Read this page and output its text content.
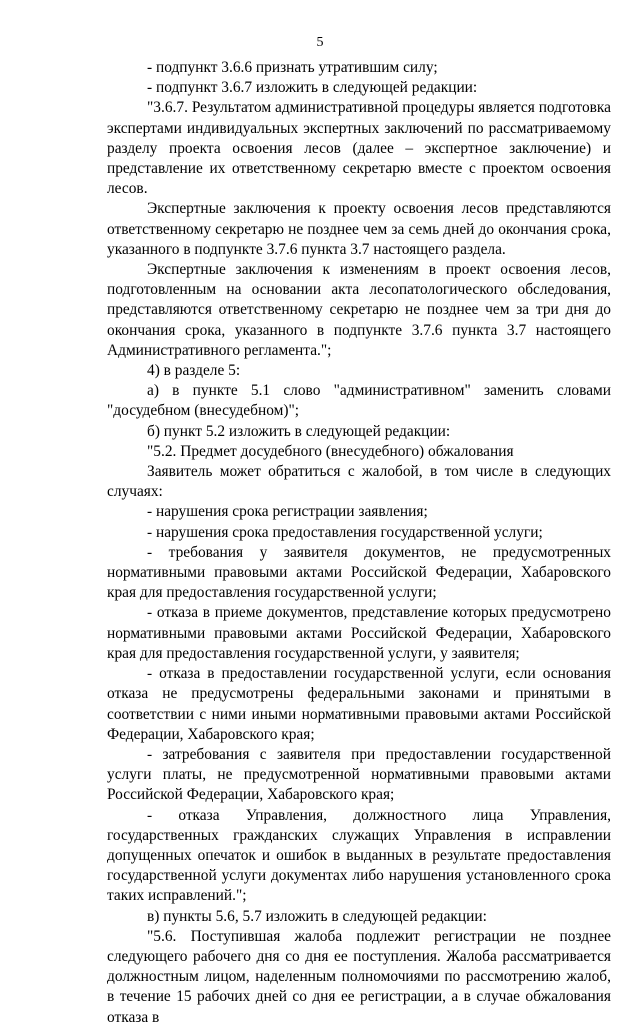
5

- подпункт 3.6.6 признать утратившим силу;

- подпункт 3.6.7 изложить в следующей редакции:

"3.6.7. Результатом административной процедуры является подготовка экспертами индивидуальных экспертных заключений по рассматриваемому разделу проекта освоения лесов (далее – экспертное заключение) и представление их ответственному секретарю вместе с проектом освоения лесов.

Экспертные заключения к проекту освоения лесов представляются ответственному секретарю не позднее чем за семь дней до окончания срока, указанного в подпункте 3.7.6 пункта 3.7 настоящего раздела.

Экспертные заключения к изменениям в проект освоения лесов, подготовленным на основании акта лесопатологического обследования, представляются ответственному секретарю не позднее чем за три дня до окончания срока, указанного в подпункте 3.7.6 пункта 3.7 настоящего Административного регламента.";

4) в разделе 5:

а) в пункте 5.1 слово "административном" заменить словами "досудебном (внесудебном)";

б) пункт 5.2 изложить в следующей редакции:

"5.2. Предмет досудебного (внесудебного) обжалования

Заявитель может обратиться с жалобой, в том числе в следующих случаях:

- нарушения срока регистрации заявления;

- нарушения срока предоставления государственной услуги;

- требования у заявителя документов, не предусмотренных нормативными правовыми актами Российской Федерации, Хабаровского края для предоставления государственной услуги;

- отказа в приеме документов, представление которых предусмотрено нормативными правовыми актами Российской Федерации, Хабаровского края для предоставления государственной услуги, у заявителя;

- отказа в предоставлении государственной услуги, если основания отказа не предусмотрены федеральными законами и принятыми в соответствии с ними иными нормативными правовыми актами Российской Федерации, Хабаровского края;

- затребования с заявителя при предоставлении государственной услуги платы, не предусмотренной нормативными правовыми актами Российской Федерации, Хабаровского края;

- отказа Управления, должностного лица Управления, государственных гражданских служащих Управления в исправлении допущенных опечаток и ошибок в выданных в результате предоставления государственной услуги документах либо нарушения установленного срока таких исправлений.";

в) пункты 5.6, 5.7 изложить в следующей редакции:

"5.6. Поступившая жалоба подлежит регистрации не позднее следующего рабочего дня со дня ее поступления. Жалоба рассматривается должностным лицом, наделенным полномочиями по рассмотрению жалоб, в течение 15 рабочих дней со дня ее регистрации, а в случае обжалования отказа в
